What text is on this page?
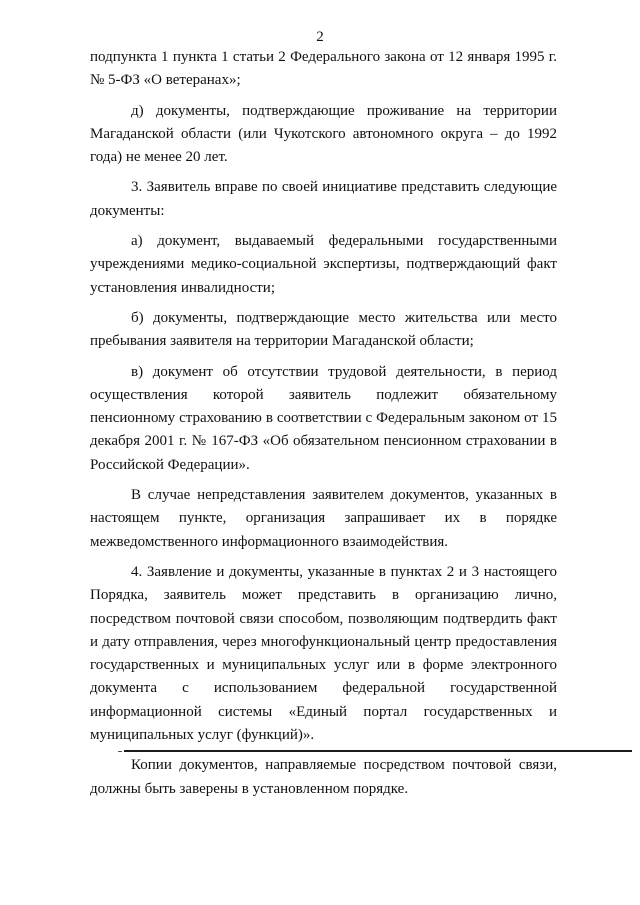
2

подпункта 1 пункта 1 статьи 2 Федерального закона от 12 января 1995 г. № 5-ФЗ «О ветеранах»;

д) документы, подтверждающие проживание на территории Магаданской области (или Чукотского автономного округа – до 1992 года) не менее 20 лет.

3. Заявитель вправе по своей инициативе представить следующие документы:

а) документ, выдаваемый федеральными государственными учреждениями медико-социальной экспертизы, подтверждающий факт установления инвалидности;

б) документы, подтверждающие место жительства или место пребывания заявителя на территории Магаданской области;

в) документ об отсутствии трудовой деятельности, в период осуществления которой заявитель подлежит обязательному пенсионному страхованию в соответствии с Федеральным законом от 15 декабря 2001 г. № 167-ФЗ «Об обязательном пенсионном страховании в Российской Федерации».

В случае непредставления заявителем документов, указанных в настоящем пункте, организация запрашивает их в порядке межведомственного информационного взаимодействия.

4. Заявление и документы, указанные в пунктах 2 и 3 настоящего Порядка, заявитель может представить в организацию лично, посредством почтовой связи способом, позволяющим подтвердить факт и дату отправления, через многофункциональный центр предоставления государственных и муниципальных услуг или в форме электронного документа с использованием федеральной государственной информационной системы «Единый портал государственных и муниципальных услуг (функций)».

Копии документов, направляемые посредством почтовой связи, должны быть заверены в установленном порядке.
